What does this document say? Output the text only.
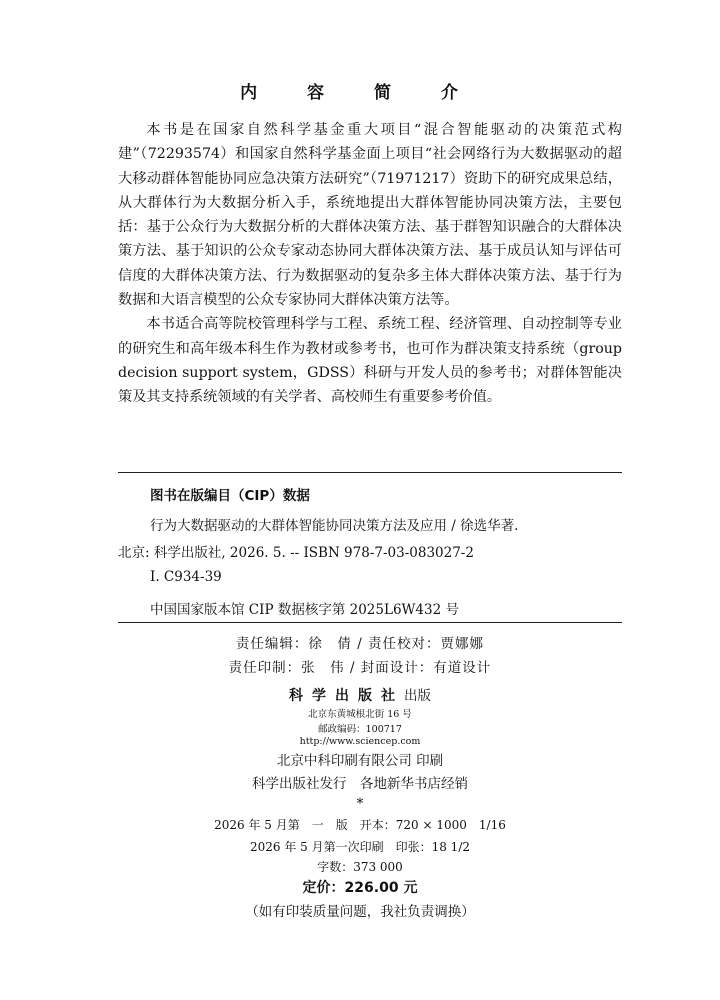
内 容 简 介

本书是在国家自然科学基金重大项目“混合智能驱动的决策范式构建”（72293574）和国家自然科学基金面上项目“社会网络行为大数据驱动的超大移动群体智能协同应急决策方法研究”（71971217）资助下的研究成果总结，从大群体行为大数据分析入手，系统地提出大群体智能协同决策方法，主要包括：基于公众行为大数据分析的大群体决策方法、基于群智知识融合的大群体决策方法、基于知识的公众专家动态协同大群体决策方法、基于成员认知与评估可信度的大群体决策方法、行为数据驱动的复杂多主体大群体决策方法、基于行为数据和大语言模型的公众专家协同大群体决策方法等。

本书适合高等院校管理科学与工程、系统工程、经济管理、自动控制等专业的研究生和高年级本科生作为教材或参考书，也可作为群决策支持系统（group decision support system，GDSS）科研与开发人员的参考书；对群体智能决策及其支持系统领域的有关学者、高校师生有重要参考价值。

图书在版编目（CIP）数据
行为大数据驱动的大群体智能协同决策方法及应用 / 徐选华著.
北京: 科学出版社, 2026. 5. -- ISBN 978-7-03-083027-2
Ⅰ. C934-39
中国国家版本馆 CIP 数据核字第 2025L6W432 号
责任编辑：徐　倩 / 责任校对：贾娜娜
责任印制：张　伟 / 封面设计：有道设计
科学出版社出版
北京东黄城根北街 16 号
邮政编码：100717
http://www.sciencep.com
北京中科印刷有限公司 印刷
科学出版社发行　各地新华书店经销
*
2026 年 5 月第　一　版　开本：720 × 1000　1/16
2026 年 5 月第一次印刷　印张：18 1/2
字数：373 000
定价：226.00 元
（如有印装质量问题，我社负责调换）
